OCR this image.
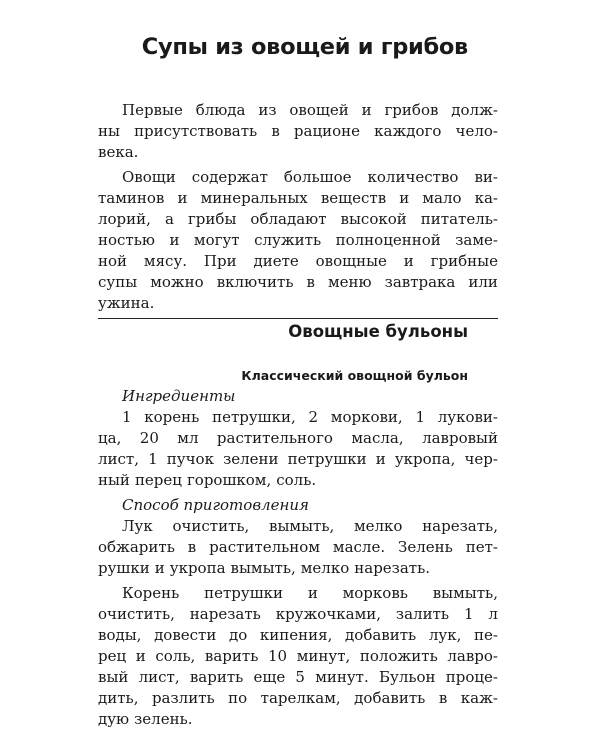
Супы из овощей и грибов
Первые блюда из овощей и грибов долж-
ны присутствовать в рационе каждого чело-
века.
Овощи содержат большое количество ви-
таминов и минеральных веществ и мало ка-
лорий, а грибы обладают высокой питатель-
ностью и могут служить полноценной заме-
ной мясу. При диете овощные и грибные
супы можно включить в меню завтрака или
ужина.
Овощные бульоны
Классический овощной бульон
Ингредиенты
1 корень петрушки, 2 моркови, 1 лукови-
ца, 20 мл растительного масла, лавровый
лист, 1 пучок зелени петрушки и укропа, чер-
ный перец горошком, соль.
Способ приготовления
Лук очистить, вымыть, мелко нарезать,
обжарить в растительном масле. Зелень пет-
рушки и укропа вымыть, мелко нарезать.
Корень петрушки и морковь вымыть,
очистить, нарезать кружочками, залить 1 л
воды, довести до кипения, добавить лук, пе-
рец и соль, варить 10 минут, положить лавро-
вый лист, варить еще 5 минут. Бульон проце-
дить, разлить по тарелкам, добавить в каж-
дую зелень.
